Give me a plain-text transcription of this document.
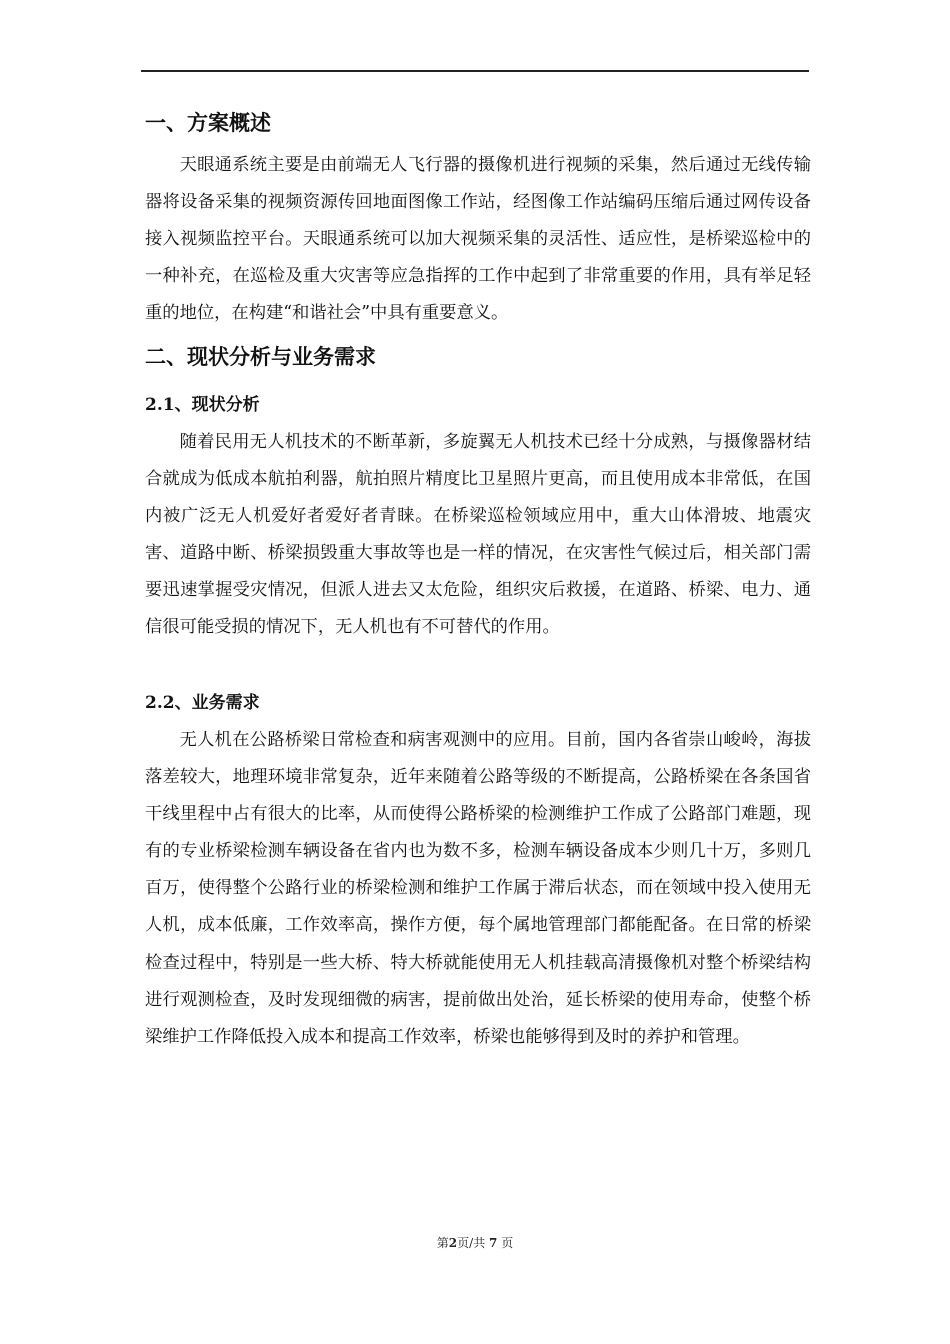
一、方案概述

天眼通系统主要是由前端无人飞行器的摄像机进行视频的采集，然后通过无线传输器将设备采集的视频资源传回地面图像工作站，经图像工作站编码压缩后通过网传设备接入视频监控平台。天眼通系统可以加大视频采集的灵活性、适应性，是桥梁巡检中的一种补充，在巡检及重大灾害等应急指挥的工作中起到了非常重要的作用，具有举足轻重的地位，在构建“和谐社会”中具有重要意义。

二、现状分析与业务需求
2.1、现状分析

随着民用无人机技术的不断革新，多旋翼无人机技术已经十分成熟，与摄像器材结合就成为低成本航拍利器，航拍照片精度比卫星照片更高，而且使用成本非常低，在国内被广泛无人机爱好者爱好者青睐。在桥梁巡检领域应用中，重大山体滑坡、地震灾害、道路中断、桥梁损毁重大事故等也是一样的情况，在灾害性气候过后，相关部门需要迅速掌握受灾情况，但派人进去又太危险，组织灾后救援，在道路、桥梁、电力、通信很可能受损的情况下，无人机也有不可替代的作用。

2.2、业务需求

无人机在公路桥梁日常检查和病害观测中的应用。目前，国内各省崇山峻岭，海拔落差较大，地理环境非常复杂，近年来随着公路等级的不断提高，公路桥梁在各条国省干线里程中占有很大的比率，从而使得公路桥梁的检测维护工作成了公路部门难题，现有的专业桥梁检测车辆设备在省内也为数不多，检测车辆设备成本少则几十万，多则几百万，使得整个公路行业的桥梁检测和维护工作属于滞后状态，而在领域中投入使用无人机，成本低廉，工作效率高，操作方便，每个属地管理部门都能配备。在日常的桥梁检查过程中，特别是一些大桥、特大桥就能使用无人机挂载高清摄像机对整个桥梁结构进行观测检查，及时发现细微的病害，提前做出处治，延长桥梁的使用寿命，使整个桥梁维护工作降低投入成本和提高工作效率，桥梁也能够得到及时的养护和管理。

第2页/共 7 页
